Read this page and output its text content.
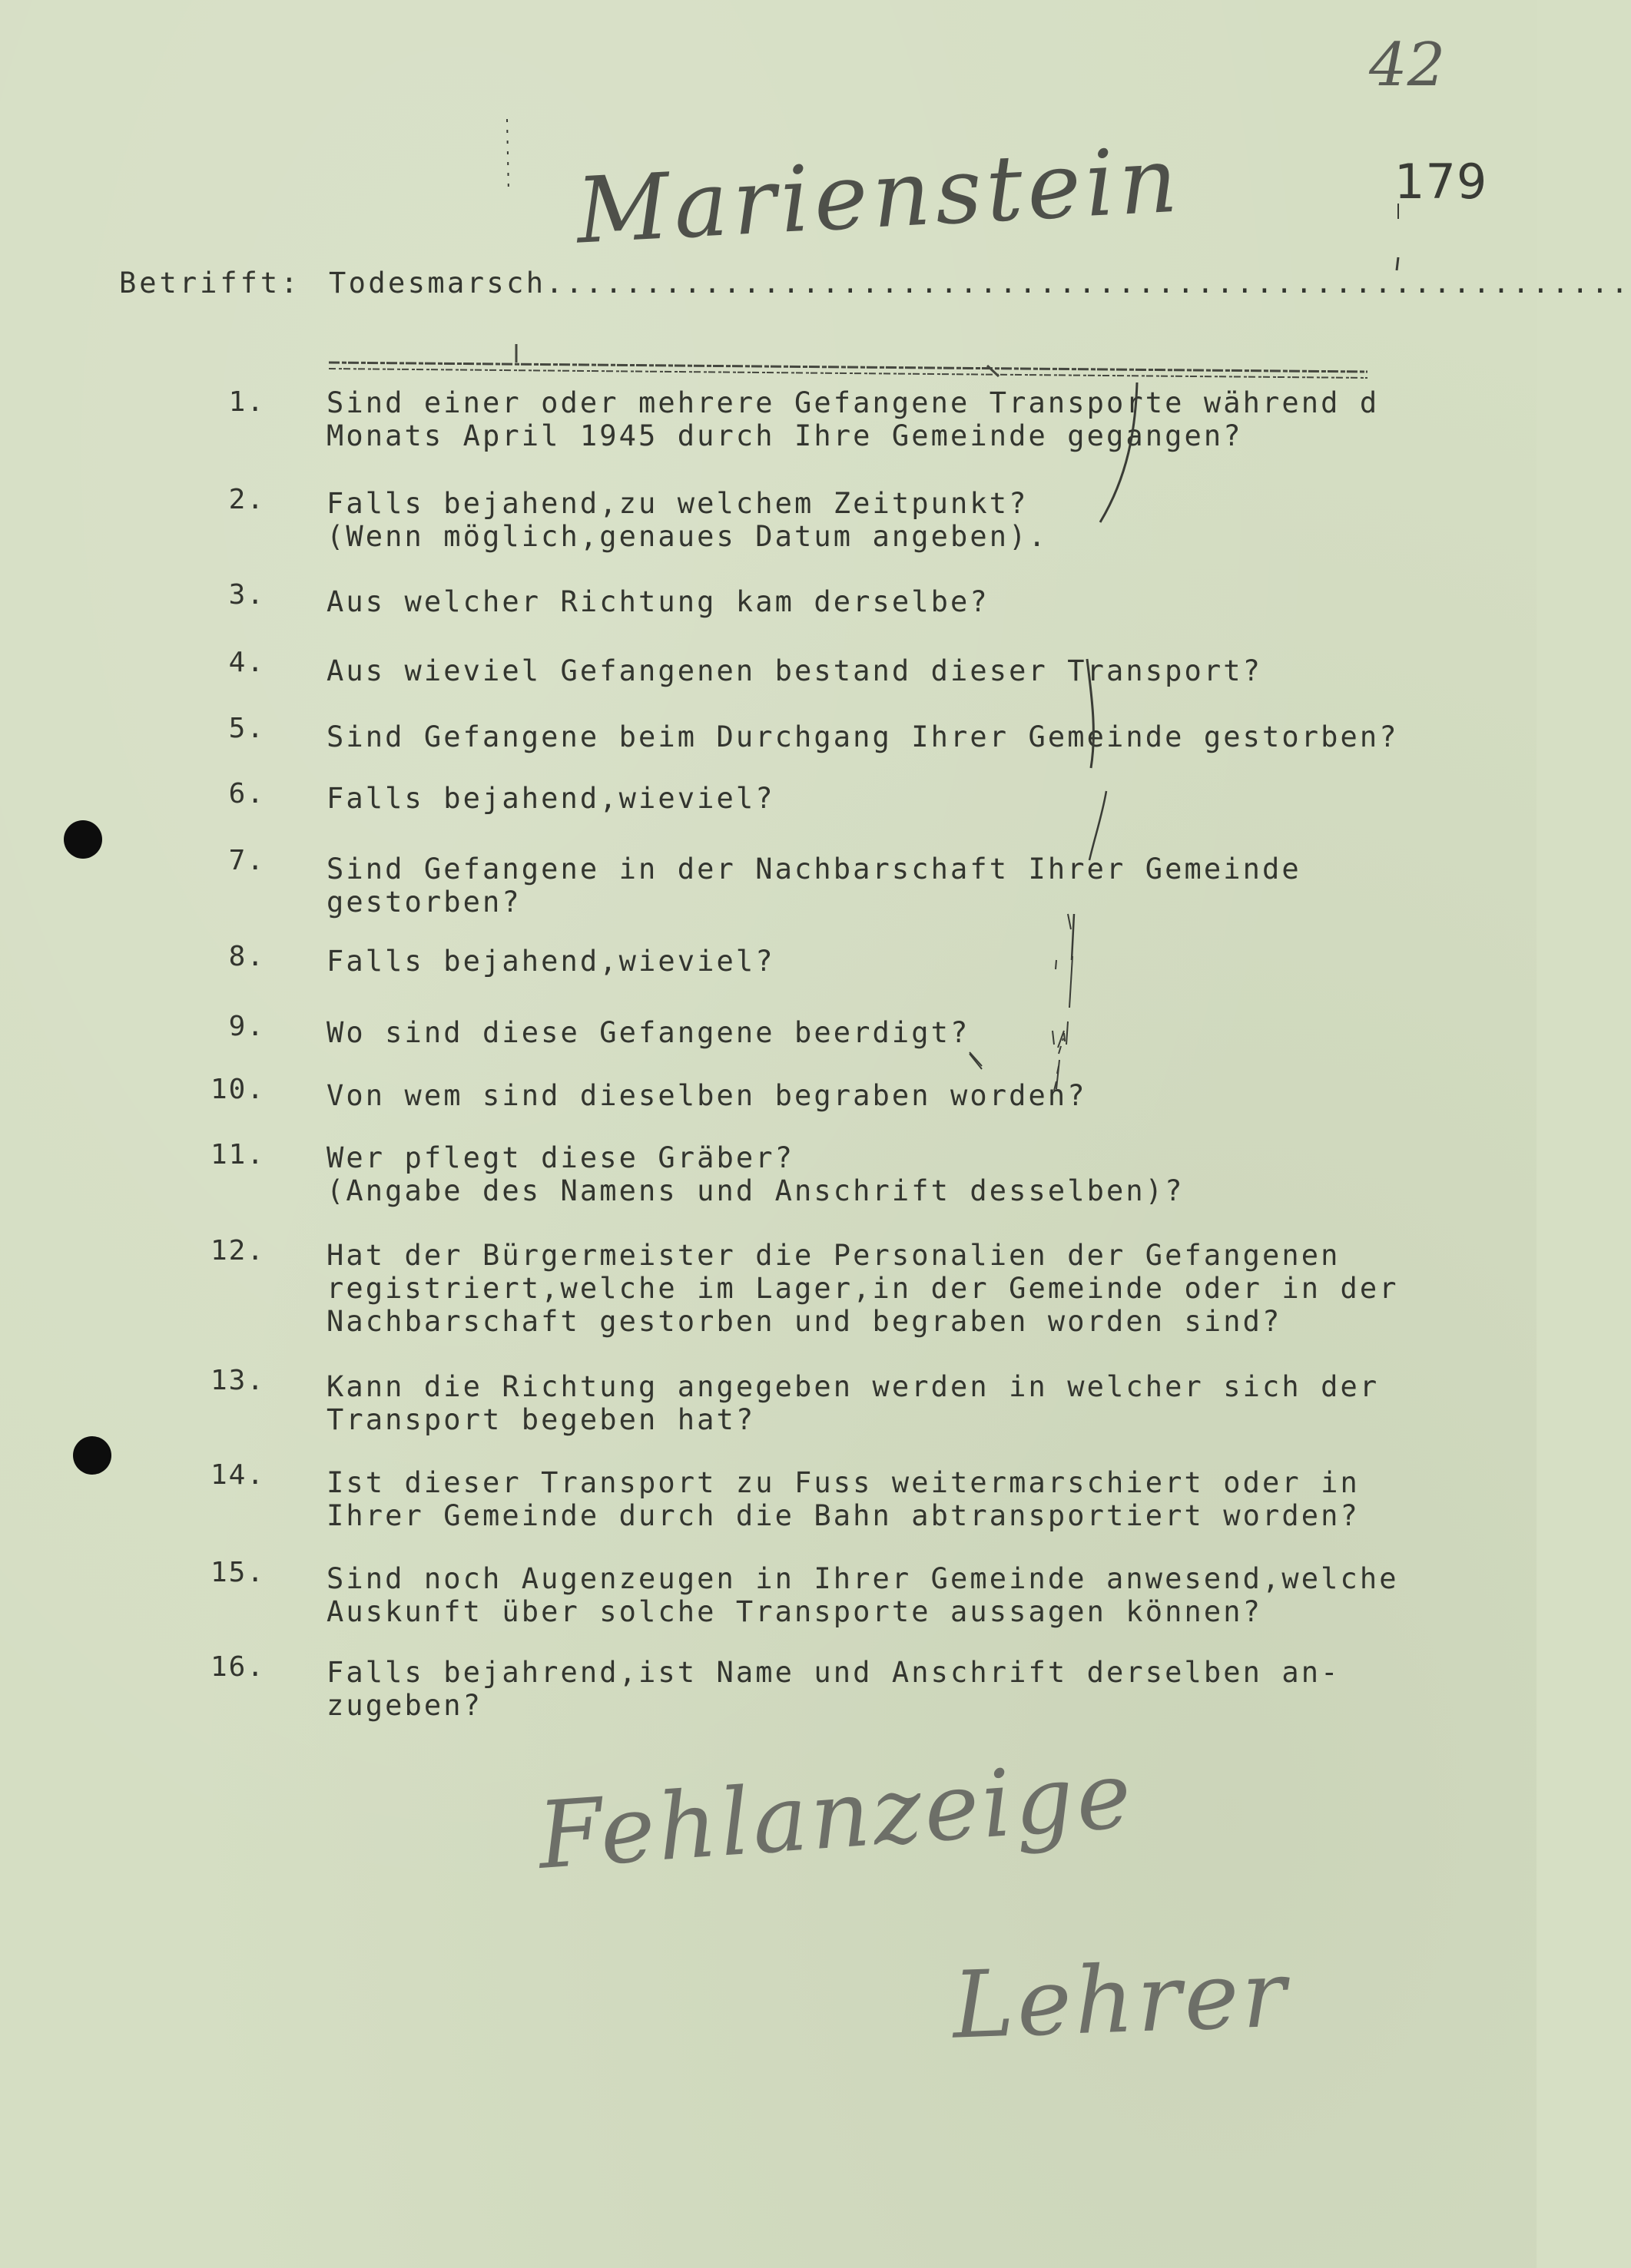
42
179
Marienstein
Betrifft: Todesmarsch.......................................................
1. Sind einer oder mehrere Gefangene Transporte während d
Monats April 1945 durch Ihre Gemeinde gegangen?
2. Falls bejahend,zu welchem Zeitpunkt?
(Wenn möglich,genaues Datum angeben).
3. Aus welcher Richtung kam derselbe?
4. Aus wieviel Gefangenen bestand dieser Transport?
5. Sind Gefangene beim Durchgang Ihrer Gemeinde gestorben?
6. Falls bejahend,wieviel?
7. Sind Gefangene in der Nachbarschaft Ihrer Gemeinde
gestorben?
8. Falls bejahend,wieviel?
9. Wo sind diese Gefangene beerdigt?
10. Von wem sind dieselben begraben worden?
11. Wer pflegt diese Gräber?
(Angabe des Namens und Anschrift desselben)?
12. Hat der Bürgermeister die Personalien der Gefangenen
registriert,welche im Lager,in der Gemeinde oder in der
Nachbarschaft gestorben und begraben worden sind?
13. Kann die Richtung angegeben werden in welcher sich der
Transport begeben hat?
14. Ist dieser Transport zu Fuss weitermarschiert oder in
Ihrer Gemeinde durch die Bahn abtransportiert worden?
15. Sind noch Augenzeugen in Ihrer Gemeinde anwesend,welche
Auskunft über solche Transporte aussagen können?
16. Falls bejahrend,ist Name und Anschrift derselben an-
zugeben?
Fehlanzeige
Lehrer
